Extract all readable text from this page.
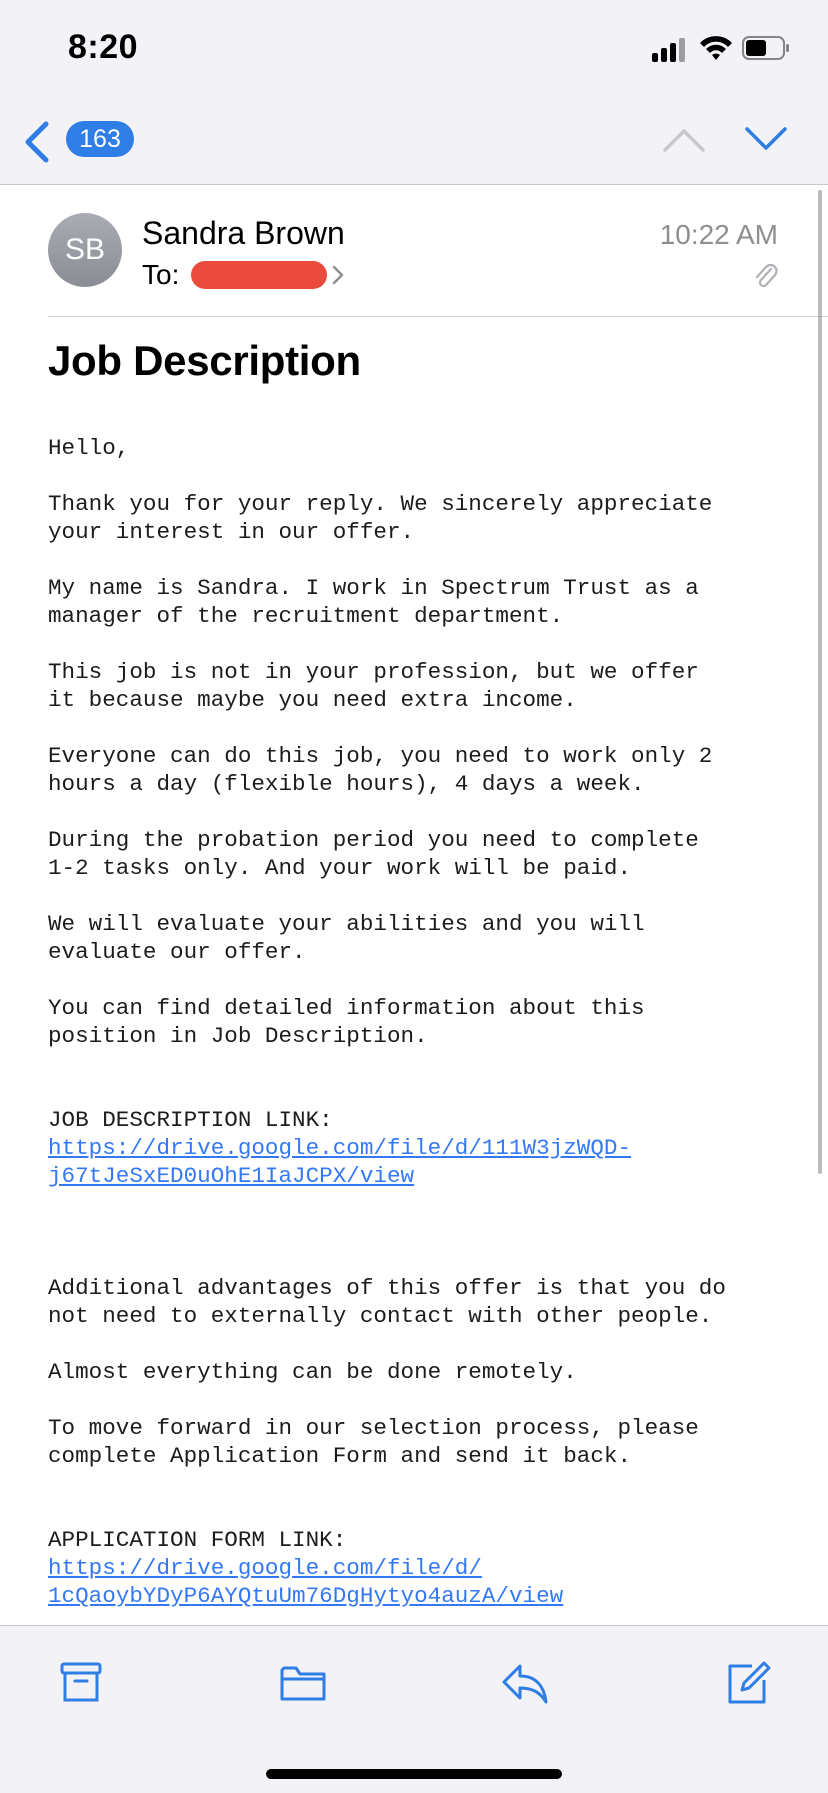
8:20
163
SB	Sandra Brown
To:
10:22 AM
Job Description
Hello,
Thank you for your reply. We sincerely appreciate
your interest in our offer.
My name is Sandra. I work in Spectrum Trust as a
manager of the recruitment department.
This job is not in your profession, but we offer
it because maybe you need extra income.
Everyone can do this job, you need to work only 2
hours a day (flexible hours), 4 days a week.
During the probation period you need to complete
1-2 tasks only. And your work will be paid.
We will evaluate your abilities and you will
evaluate our offer.
You can find detailed information about this
position in Job Description.
JOB DESCRIPTION LINK:
https://drive.google.com/file/d/111W3jzWQD-
j67tJeSxED0uOhE1IaJCPX/view
Additional advantages of this offer is that you do
not need to externally contact with other people.
Almost everything can be done remotely.
To move forward in our selection process, please
complete Application Form and send it back.
APPLICATION FORM LINK:
https://drive.google.com/file/d/
1cQaoybYDyP6AYQtuUm76DgHytyo4auzA/view
